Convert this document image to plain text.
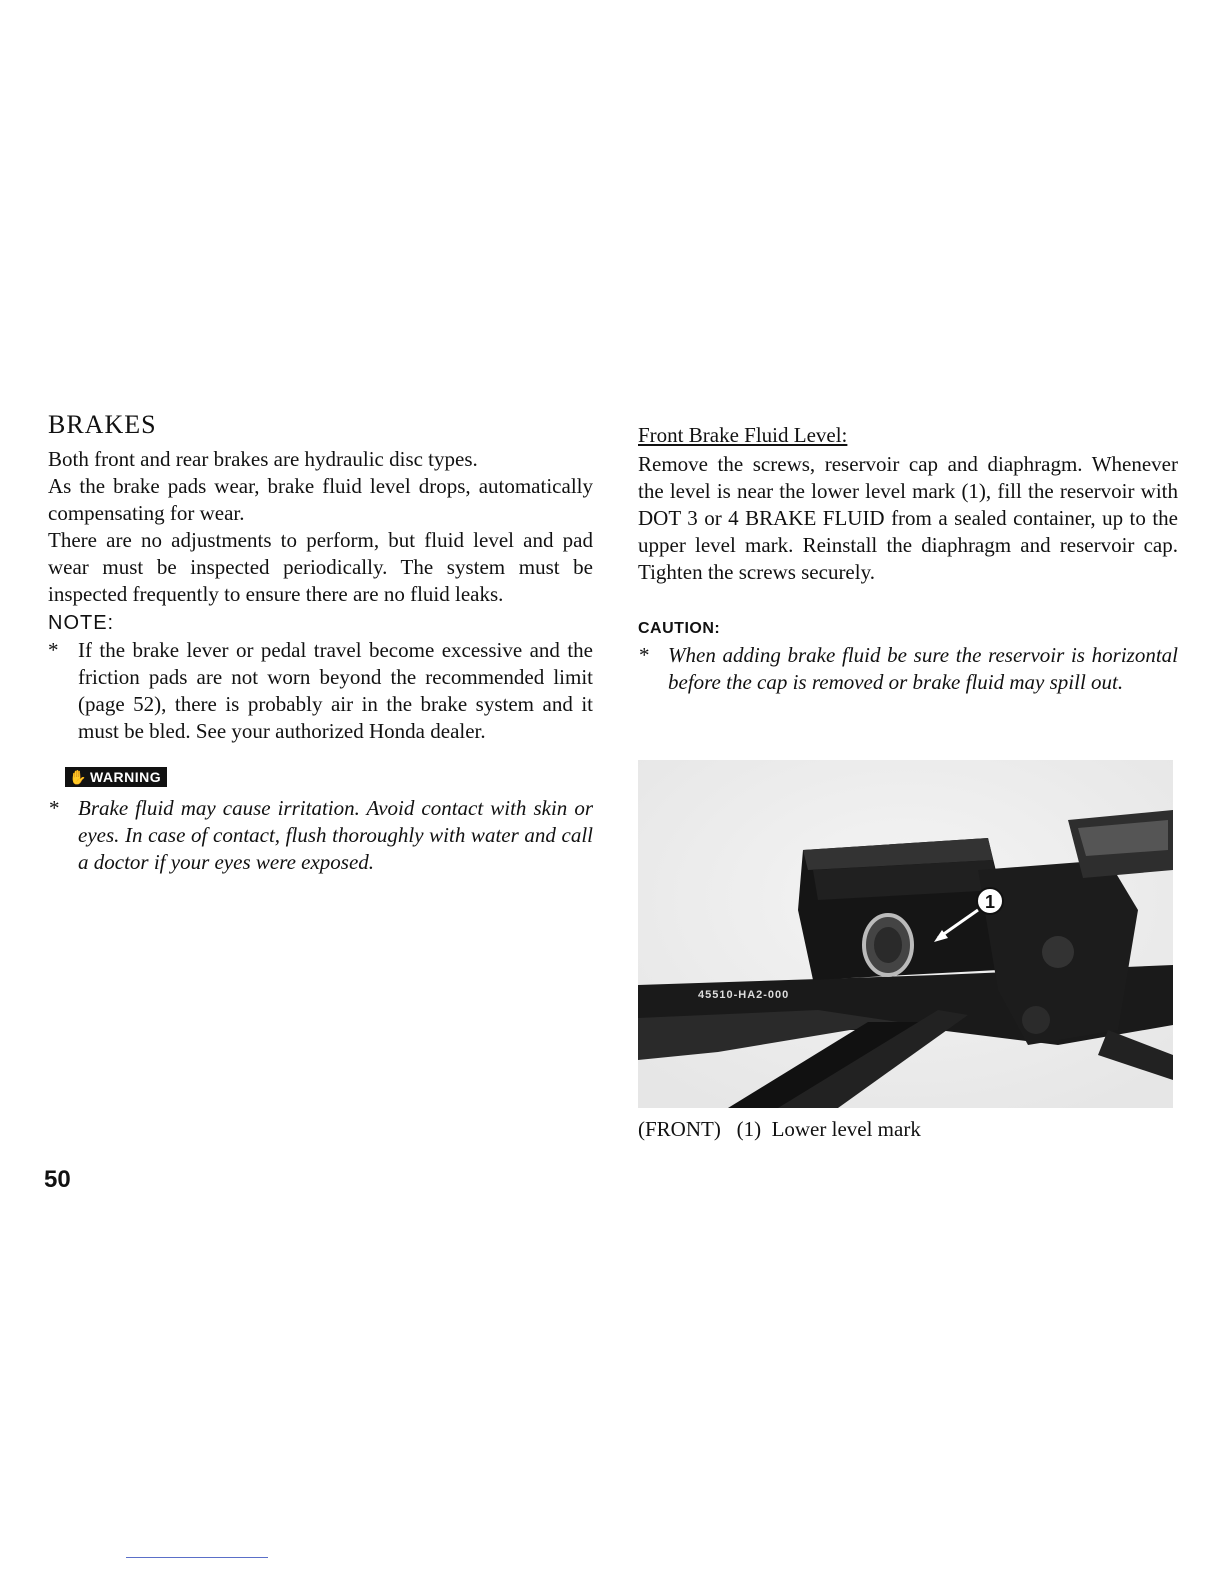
BRAKES

Both front and rear brakes are hydraulic disc types.

As the brake pads wear, brake fluid level drops, automatically compensating for wear.

There are no adjustments to perform, but fluid level and pad wear must be inspected periodically. The system must be inspected frequently to ensure there are no fluid leaks.

NOTE:
* If the brake lever or pedal travel become excessive and the friction pads are not worn beyond the recommended limit (page 52), there is probably air in the brake system and it must be bled. See your authorized Honda dealer.
✋ WARNING
* Brake fluid may cause irritation. Avoid contact with skin or eyes. In case of contact, flush thoroughly with water and call a doctor if your eyes were exposed.
Front Brake Fluid Level:

Remove the screws, reservoir cap and diaphragm. Whenever the level is near the lower level mark (1), fill the reservoir with DOT 3 or 4 BRAKE FLUID from a sealed container, up to the upper level mark. Reinstall the diaphragm and reservoir cap. Tighten the screws securely.

CAUTION:
* When adding brake fluid be sure the reservoir is horizontal before the cap is removed or brake fluid may spill out.
45510-HA2-000
1
(FRONT)   (1)  Lower level mark
50
